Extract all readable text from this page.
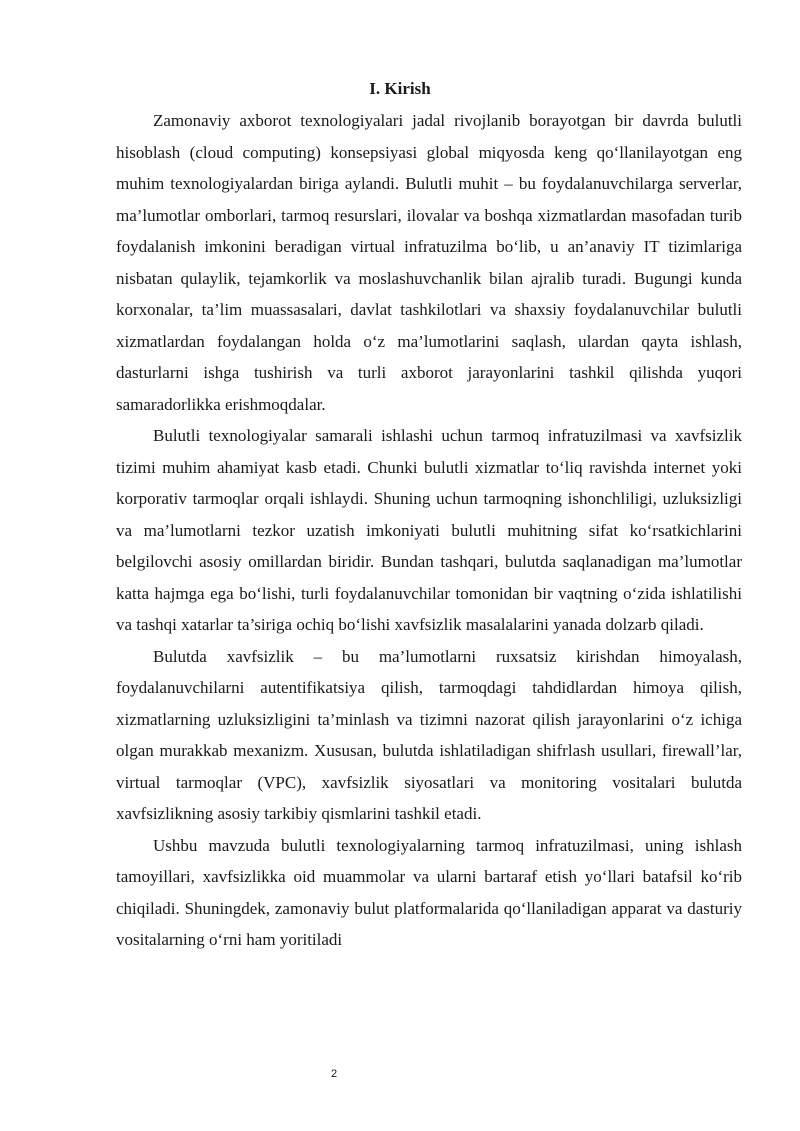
I. Kirish

Zamonaviy axborot texnologiyalari jadal rivojlanib borayotgan bir davrda bulutli hisoblash (cloud computing) konsepsiyasi global miqyosda keng qo‘llanilayotgan eng muhim texnologiyalardan biriga aylandi. Bulutli muhit – bu foydalanuvchilarga serverlar, ma’lumotlar omborlari, tarmoq resurslari, ilovalar va boshqa xizmatlardan masofadan turib foydalanish imkonini beradigan virtual infratuzilma bo‘lib, u an’anaviy IT tizimlariga nisbatan qulaylik, tejamkorlik va moslashuvchanlik bilan ajralib turadi. Bugungi kunda korxonalar, ta’lim muassasalari, davlat tashkilotlari va shaxsiy foydalanuvchilar bulutli xizmatlardan foydalangan holda o‘z ma’lumotlarini saqlash, ulardan qayta ishlash, dasturlarni ishga tushirish va turli axborot jarayonlarini tashkil qilishda yuqori samaradorlikka erishmoqdalar.

Bulutli texnologiyalar samarali ishlashi uchun tarmoq infratuzilmasi va xavfsizlik tizimi muhim ahamiyat kasb etadi. Chunki bulutli xizmatlar to‘liq ravishda internet yoki korporativ tarmoqlar orqali ishlaydi. Shuning uchun tarmoqning ishonchliligi, uzluksizligi va ma’lumotlarni tezkor uzatish imkoniyati bulutli muhitning sifat ko‘rsatkichlarini belgilovchi asosiy omillardan biridir. Bundan tashqari, bulutda saqlanadigan ma’lumotlar katta hajmga ega bo‘lishi, turli foydalanuvchilar tomonidan bir vaqtning o‘zida ishlatilishi va tashqi xatarlar ta’siriga ochiq bo‘lishi xavfsizlik masalalarini yanada dolzarb qiladi.

Bulutda xavfsizlik – bu ma’lumotlarni ruxsatsiz kirishdan himoyalash, foydalanuvchilarni autentifikatsiya qilish, tarmoqdagi tahdidlardan himoya qilish, xizmatlarning uzluksizligini ta’minlash va tizimni nazorat qilish jarayonlarini o‘z ichiga olgan murakkab mexanizm. Xususan, bulutda ishlatiladigan shifrlash usullari, firewall’lar, virtual tarmoqlar (VPC), xavfsizlik siyosatlari va monitoring vositalari bulutda xavfsizlikning asosiy tarkibiy qismlarini tashkil etadi.

Ushbu mavzuda bulutli texnologiyalarning tarmoq infratuzilmasi, uning ishlash tamoyillari, xavfsizlikka oid muammolar va ularni bartaraf etish yo‘llari batafsil ko‘rib chiqiladi. Shuningdek, zamonaviy bulut platformalarida qo‘llaniladigan apparat va dasturiy vositalarning o‘rni ham yoritiladi

2
